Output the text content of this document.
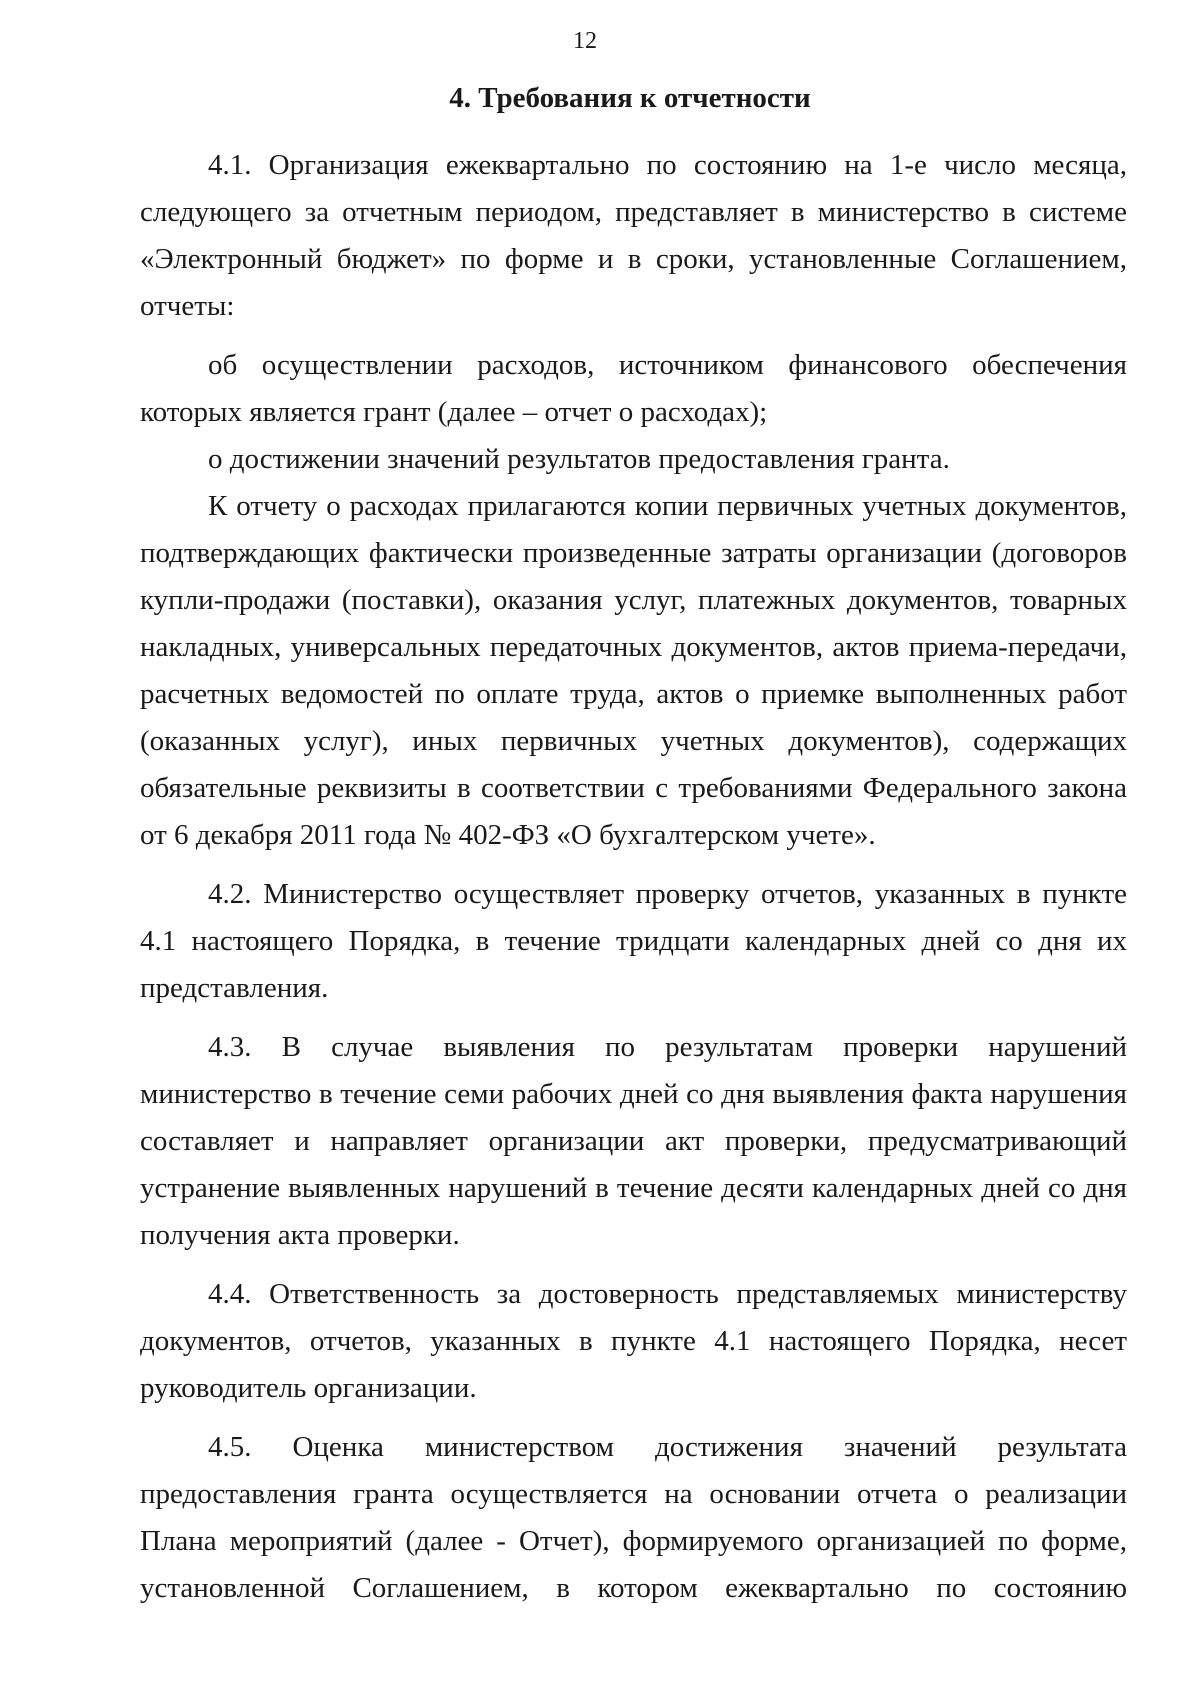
12
4. Требования к отчетности

4.1. Организация ежеквартально по состоянию на 1-е число месяца, следующего за отчетным периодом, представляет в министерство в системе «Электронный бюджет» по форме и в сроки, установленные Соглашением, отчеты:

об осуществлении расходов, источником финансового обеспечения которых является грант (далее – отчет о расходах);

о достижении значений результатов предоставления гранта.

К отчету о расходах прилагаются копии первичных учетных документов, подтверждающих фактически произведенные затраты организации (договоров купли-продажи (поставки), оказания услуг, платежных документов, товарных накладных, универсальных передаточных документов, актов приема-передачи, расчетных ведомостей по оплате труда, актов о приемке выполненных работ (оказанных услуг), иных первичных учетных документов), содержащих обязательные реквизиты в соответствии с требованиями Федерального закона от 6 декабря 2011 года № 402-ФЗ «О бухгалтерском учете».

4.2. Министерство осуществляет проверку отчетов, указанных в пункте 4.1 настоящего Порядка, в течение тридцати календарных дней со дня их представления.

4.3. В случае выявления по результатам проверки нарушений министерство в течение семи рабочих дней со дня выявления факта нарушения составляет и направляет организации акт проверки, предусматривающий устранение выявленных нарушений в течение десяти календарных дней со дня получения акта проверки.

4.4. Ответственность за достоверность представляемых министерству документов, отчетов, указанных в пункте 4.1 настоящего Порядка, несет руководитель организации.

4.5. Оценка министерством достижения значений результата предоставления гранта осуществляется на основании отчета о реализации Плана мероприятий (далее - Отчет), формируемого организацией по форме, установленной Соглашением, в котором ежеквартально по состоянию
